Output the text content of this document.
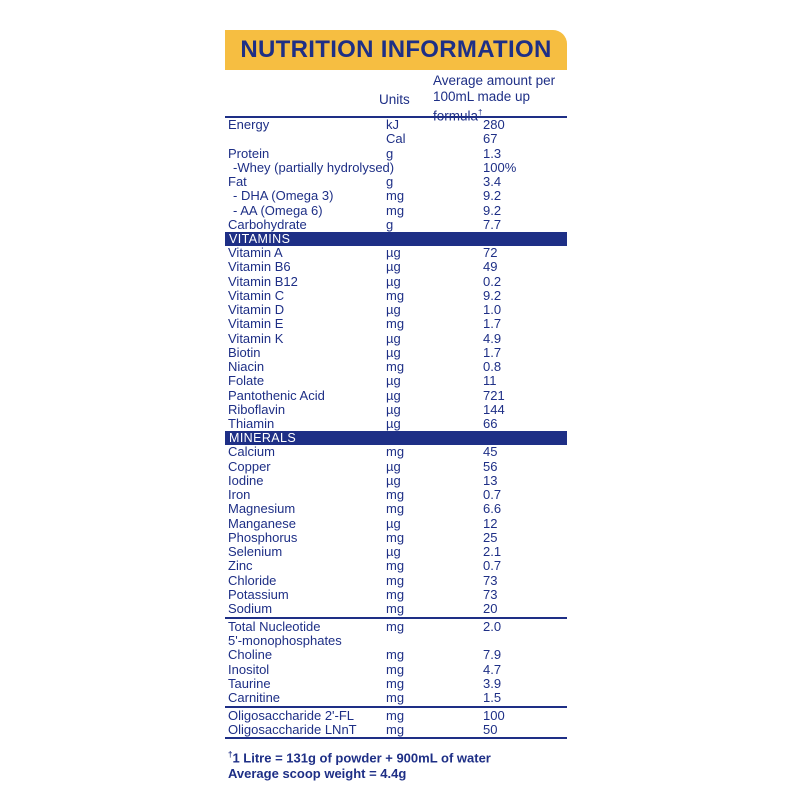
NUTRITION INFORMATION
Units
Average amount per
100mL made up formula†
Energy	kJ	280
Cal	67
Protein	g	1.3
-Whey (partially hydrolysed)	100%
Fat	g	3.4
- DHA (Omega 3)	mg	9.2
- AA (Omega 6)	mg	9.2
Carbohydrate	g	7.7
VITAMINS
Vitamin A	µg	72
Vitamin B6	µg	49
Vitamin B12	µg	0.2
Vitamin C	mg	9.2
Vitamin D	µg	1.0
Vitamin E	mg	1.7
Vitamin K	µg	4.9
Biotin	µg	1.7
Niacin	mg	0.8
Folate	µg	11
Pantothenic Acid	µg	721
Riboflavin	µg	144
Thiamin	µg	66
MINERALS
Calcium	mg	45
Copper	µg	56
Iodine	µg	13
Iron	mg	0.7
Magnesium	mg	6.6
Manganese	µg	12
Phosphorus	mg	25
Selenium	µg	2.1
Zinc	mg	0.7
Chloride	mg	73
Potassium	mg	73
Sodium	mg	20
Total Nucleotide	mg	2.0
5'-monophosphates
Choline	mg	7.9
Inositol	mg	4.7
Taurine	mg	3.9
Carnitine	mg	1.5
Oligosaccharide 2'-FL mg	100
Oligosaccharide LNnT mg	50
†1 Litre = 131g of powder + 900mL of water
Average scoop weight = 4.4g
